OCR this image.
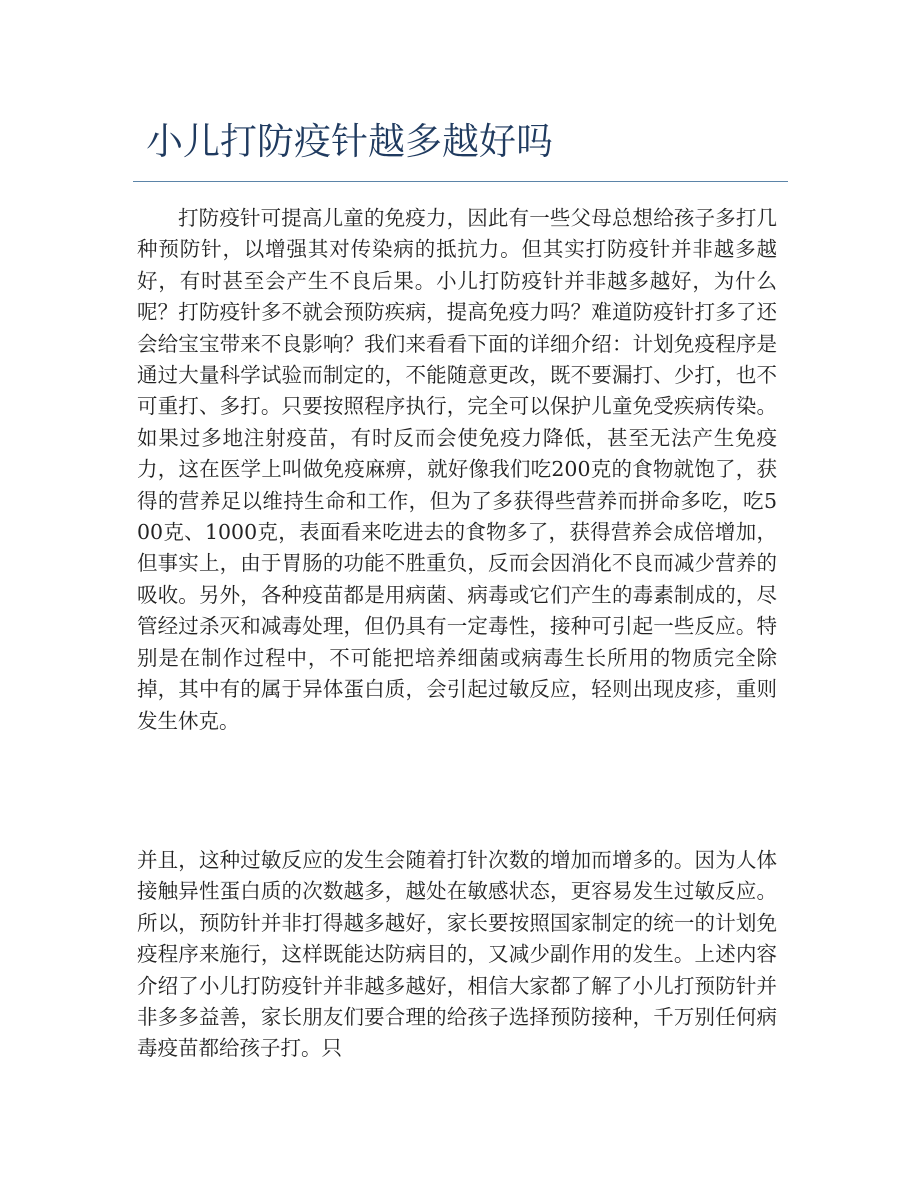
小儿打防疫针越多越好吗

打防疫针可提高儿童的免疫力，因此有一些父母总想给孩子多打几种预防针，以增强其对传染病的抵抗力。但其实打防疫针并非越多越好，有时甚至会产生不良后果。小儿打防疫针并非越多越好，为什么呢？打防疫针多不就会预防疾病，提高免疫力吗？难道防疫针打多了还会给宝宝带来不良影响？我们来看看下面的详细介绍：计划免疫程序是通过大量科学试验而制定的，不能随意更改，既不要漏打、少打，也不可重打、多打。只要按照程序执行，完全可以保护儿童免受疾病传染。如果过多地注射疫苗，有时反而会使免疫力降低，甚至无法产生免疫力，这在医学上叫做免疫麻痹，就好像我们吃200克的食物就饱了，获得的营养足以维持生命和工作，但为了多获得些营养而拼命多吃，吃500克、1000克，表面看来吃进去的食物多了，获得营养会成倍增加，但事实上，由于胃肠的功能不胜重负，反而会因消化不良而减少营养的吸收。另外，各种疫苗都是用病菌、病毒或它们产生的毒素制成的，尽管经过杀灭和减毒处理，但仍具有一定毒性，接种可引起一些反应。特别是在制作过程中，不可能把培养细菌或病毒生长所用的物质完全除掉，其中有的属于异体蛋白质，会引起过敏反应，轻则出现皮疹，重则发生休克。

并且，这种过敏反应的发生会随着打针次数的增加而增多的。因为人体接触异性蛋白质的次数越多，越处在敏感状态，更容易发生过敏反应。所以，预防针并非打得越多越好，家长要按照国家制定的统一的计划免疫程序来施行，这样既能达防病目的，又减少副作用的发生。上述内容介绍了小儿打防疫针并非越多越好，相信大家都了解了小儿打预防针并非多多益善，家长朋友们要合理的给孩子选择预防接种，千万别任何病毒疫苗都给孩子打。只
